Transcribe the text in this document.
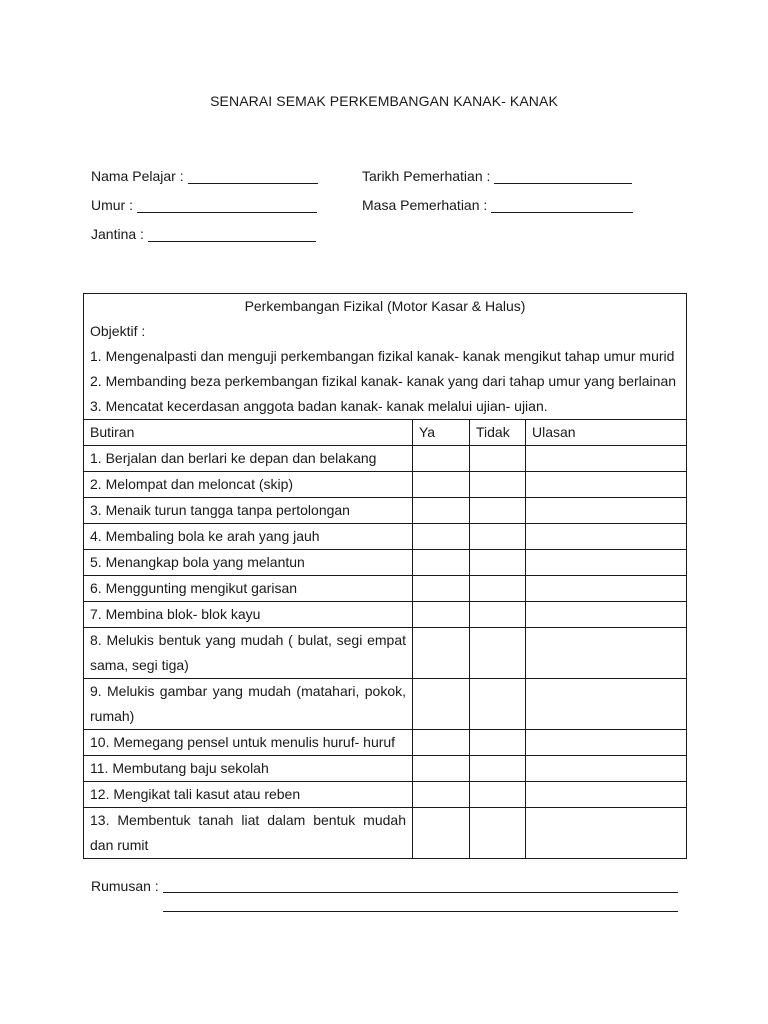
SENARAI SEMAK PERKEMBANGAN KANAK- KANAK
Nama Pelajar :	Tarikh Pemerhatian :
Umur :	Masa Pemerhatian :
Jantina :
Perkembangan Fizikal (Motor Kasar & Halus)			
Objektif :			
1. Mengenalpasti dan menguji perkembangan fizikal kanak- kanak mengikut tahap umur murid			
2. Membanding beza perkembangan fizikal kanak- kanak yang dari tahap umur yang berlainan			
3. Mencatat kecerdasan anggota badan kanak- kanak melalui ujian- ujian.			
Butiran	Ya	Tidak	Ulasan
1. Berjalan dan berlari ke depan dan belakang			
2. Melompat dan meloncat (skip)			
3. Menaik turun tangga tanpa pertolongan			
4. Membaling bola ke arah yang jauh			
5. Menangkap bola yang melantun			
6. Menggunting mengikut garisan			
7. Membina blok- blok kayu			
8. Melukis bentuk yang mudah ( bulat, segi empat sama, segi tiga)			
9. Melukis gambar yang mudah (matahari, pokok, rumah)			
10. Memegang pensel untuk menulis huruf- huruf			
11. Membutang baju sekolah			
12. Mengikat tali kasut atau reben			
13. Membentuk tanah liat dalam bentuk mudah dan rumit			
Rumusan :
